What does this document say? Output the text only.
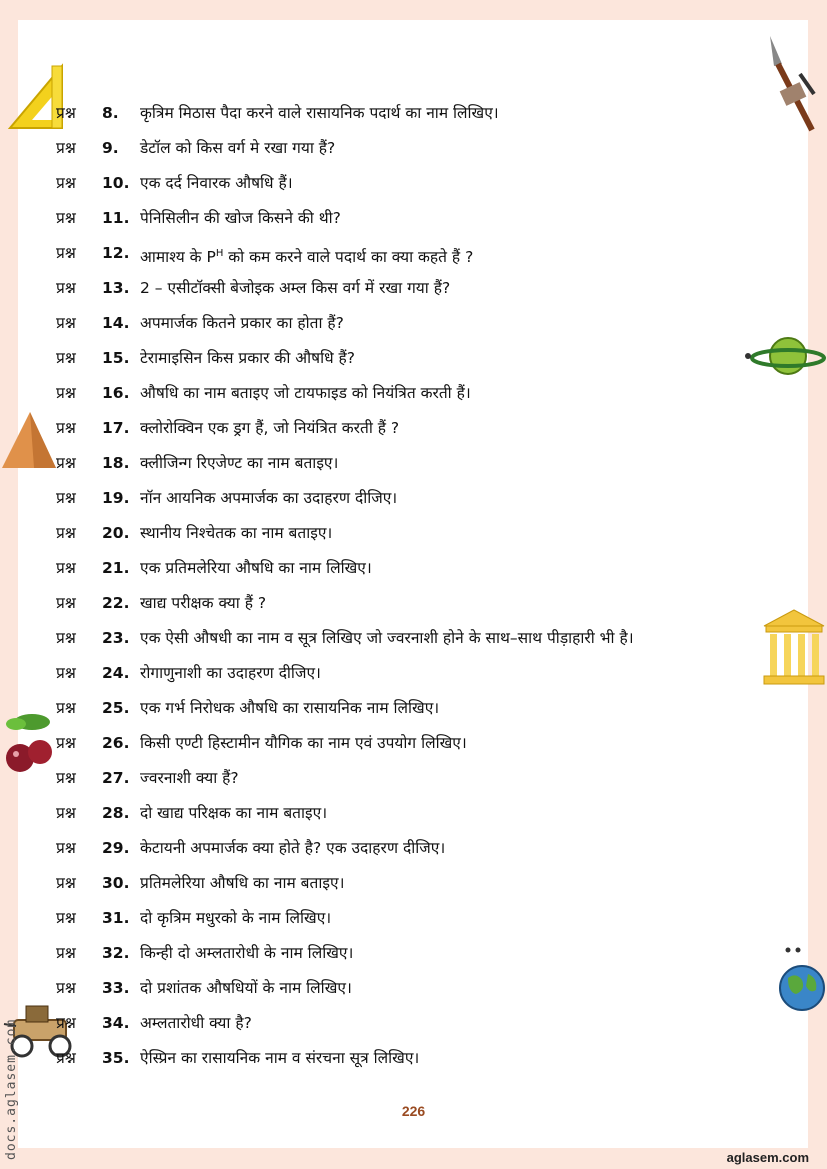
प्रश्न	8.	कृत्रिम मिठास पैदा करने वाले रासायनिक पदार्थ का नाम लिखिए।
प्रश्न	9.	डेटॉल को किस वर्ग मे रखा गया हैं?
प्रश्न	10. एक दर्द निवारक औषधि हैं।
प्रश्न	11. पेनिसिलीन की खोज किसने की थी?
प्रश्न	12. आमाश्य के $P^H$ को कम करने वाले पदार्थ का क्या कहते हैं ?
प्रश्न	13. 2 – एसीटॉक्सी बेजोइक अम्ल किस वर्ग में रखा गया हैं?
प्रश्न	14. अपमार्जक कितने प्रकार का होता हैं?
प्रश्न	15. टेरामाइसिन किस प्रकार की औषधि हैं?
प्रश्न	16. औषधि का नाम बताइए जो टायफाइड को नियंत्रित करती हैं।
प्रश्न	17. क्लोरोक्विन एक ड्रग हैं, जो नियंत्रित करती हैं ?
प्रश्न	18. क्लीजिन्ग रिएजेण्ट का नाम बताइए।
प्रश्न	19. नॉन आयनिक अपमार्जक का उदाहरण दीजिए।
प्रश्न	20. स्थानीय निश्चेतक का नाम बताइए।
प्रश्न	21. एक प्रतिमलेरिया औषधि का नाम लिखिए।
प्रश्न	22. खाद्य परीक्षक क्या हैं ?
प्रश्न	23. एक ऐसी औषधी का नाम व सूत्र लिखिए जो ज्वरनाशी होने के साथ–साथ पीड़ाहारी भी है।
प्रश्न	24. रोगाणुनाशी का उदाहरण दीजिए।
प्रश्न	25. एक गर्भ निरोधक औषधि का रासायनिक नाम लिखिए।
प्रश्न	26. किसी एण्टी हिस्टामीन यौगिक का नाम एवं उपयोग लिखिए।
प्रश्न	27. ज्वरनाशी क्या हैं?
प्रश्न	28. दो खाद्य परिक्षक का नाम बताइए।
प्रश्न	29. केटायनी अपमार्जक क्या होते है? एक उदाहरण दीजिए।
प्रश्न	30. प्रतिमलेरिया औषधि का नाम बताइए।
प्रश्न	31. दो कृत्रिम मधुरको के नाम लिखिए।
प्रश्न	32. किन्ही दो अम्लतारोधी के नाम लिखिए।
प्रश्न	33. दो प्रशांतक औषधियों के नाम लिखिए।
प्रश्न	34. अम्लतारोधी क्या है?
प्रश्न	35. ऐस्प्रिन का रासायनिक नाम व संरचना सूत्र लिखिए।
226
aglasem.com
docs.aglasem.com
